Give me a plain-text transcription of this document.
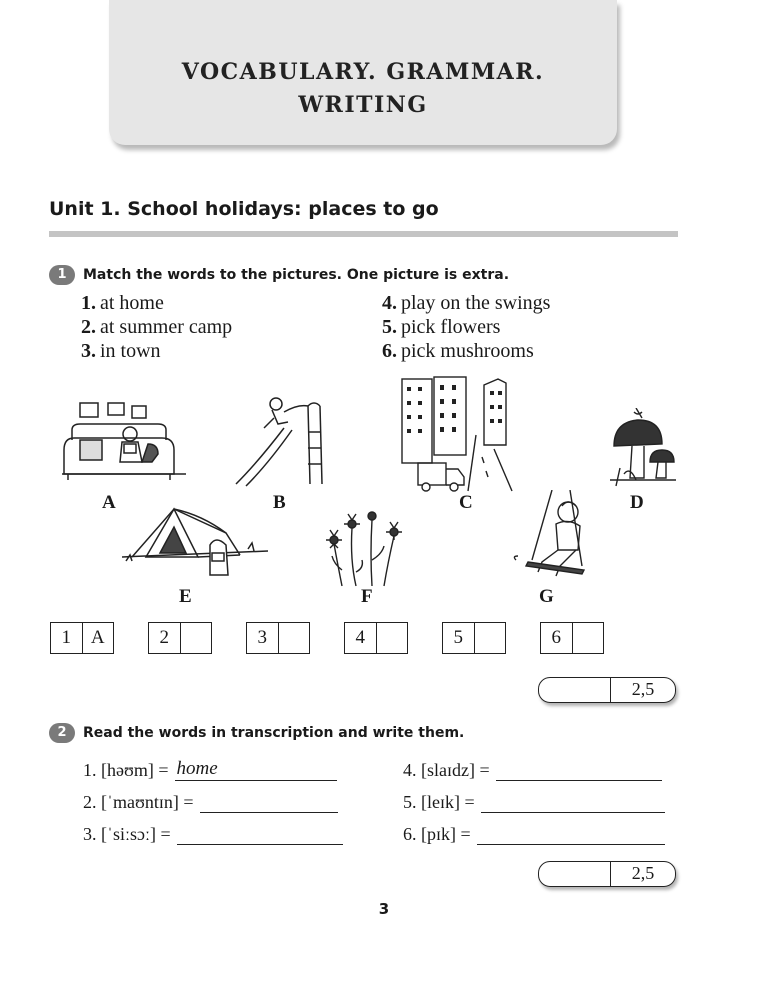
VOCABULARY. GRAMMAR.
WRITING
Unit 1. School holidays: places to go
1	Match the words to the pictures. One picture is extra.
1. at home
2. at summer camp
3. in town
4. play on the swings
5. pick flowers
6. pick mushrooms
A	B	C	D
E	F	G
1	A	2	3	4	5	6
2,5
2	Read the words in transcription and write them.
1. [həʊm] = home
2. [ˈmaʊntɪn] =
3. [ˈsiːsɔː] =
4. [slaɪdz] =
5. [leɪk] =
6. [pɪk] =
2,5
3
